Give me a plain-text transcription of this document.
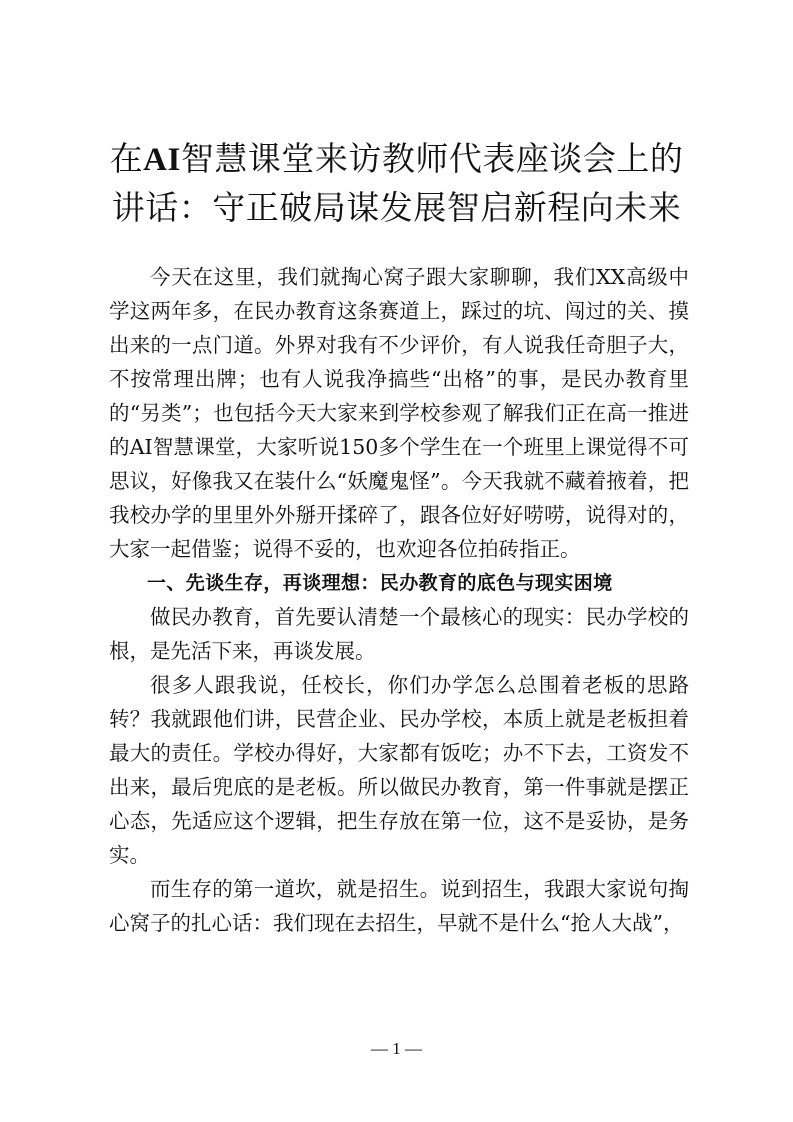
在AI智慧课堂来访教师代表座谈会上的
讲话：守正破局谋发展智启新程向未来

今天在这里，我们就掏心窝子跟大家聊聊，我们XX高级中学这两年多，在民办教育这条赛道上，踩过的坑、闯过的关、摸出来的一点门道。外界对我有不少评价，有人说我任奇胆子大，不按常理出牌；也有人说我净搞些“出格”的事，是民办教育里的“另类”；也包括今天大家来到学校参观了解我们正在高一推进的AI智慧课堂，大家听说150多个学生在一个班里上课觉得不可思议，好像我又在装什么“妖魔鬼怪”。今天我就不藏着掖着，把我校办学的里里外外掰开揉碎了，跟各位好好唠唠，说得对的，大家一起借鉴；说得不妥的，也欢迎各位拍砖指正。

一、先谈生存，再谈理想：民办教育的底色与现实困境

做民办教育，首先要认清楚一个最核心的现实：民办学校的根，是先活下来，再谈发展。

很多人跟我说，任校长，你们办学怎么总围着老板的思路转？我就跟他们讲，民营企业、民办学校，本质上就是老板担着最大的责任。学校办得好，大家都有饭吃；办不下去，工资发不出来，最后兜底的是老板。所以做民办教育，第一件事就是摆正心态，先适应这个逻辑，把生存放在第一位，这不是妥协，是务实。

而生存的第一道坎，就是招生。说到招生，我跟大家说句掏心窝子的扎心话：我们现在去招生，早就不是什么“抢人大战”，

— 1 —
